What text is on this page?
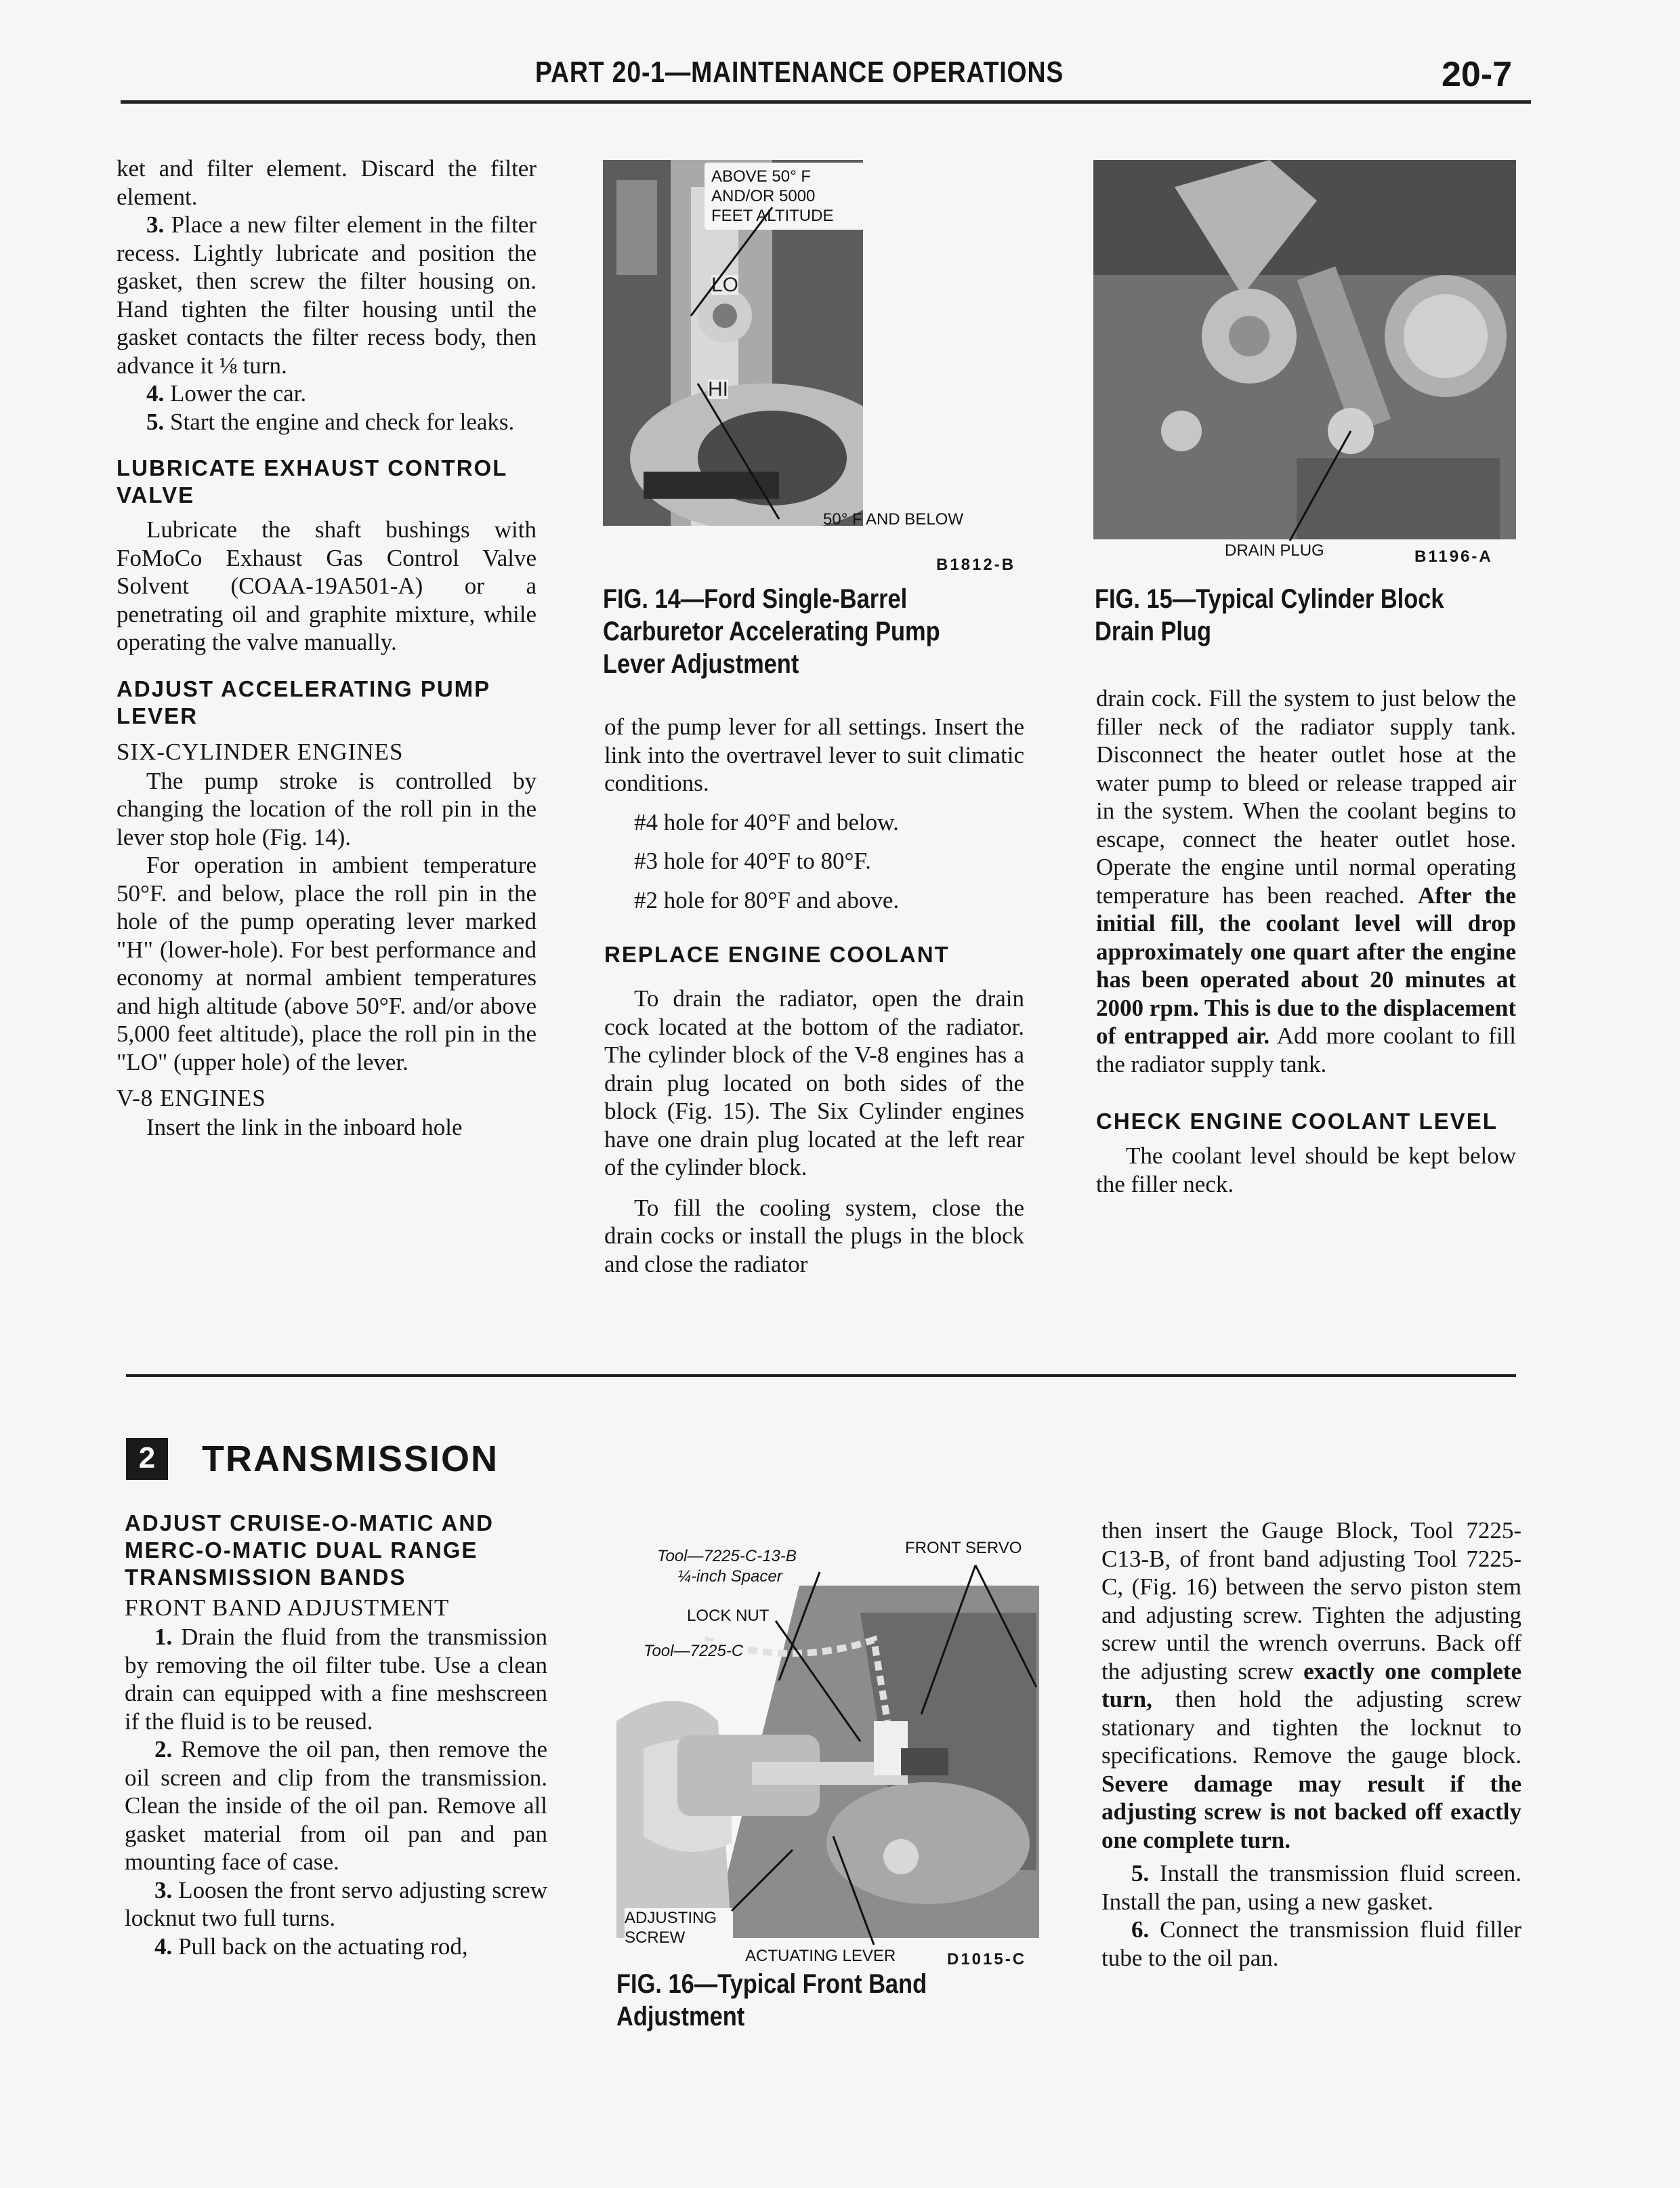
PART 20-1—MAINTENANCE OPERATIONS	20-7

ket and filter element. Discard the filter element.

3. Place a new filter element in the filter recess. Lightly lubricate and position the gasket, then screw the filter housing on. Hand tighten the filter housing until the gasket contacts the filter recess body, then advance it ⅛ turn.

4. Lower the car.

5. Start the engine and check for leaks.

LUBRICATE EXHAUST CONTROL VALVE

Lubricate the shaft bushings with FoMoCo Exhaust Gas Control Valve Solvent (COAA-19A501-A) or a penetrating oil and graphite mixture, while operating the valve manually.

ADJUST ACCELERATING PUMP LEVER

SIX-CYLINDER ENGINES

The pump stroke is controlled by changing the location of the roll pin in the lever stop hole (Fig. 14).

For operation in ambient temperature 50°F. and below, place the roll pin in the hole of the pump operating lever marked "H" (lower-hole). For best performance and economy at normal ambient temperatures and high altitude (above 50°F. and/or above 5,000 feet altitude), place the roll pin in the "LO" (upper hole) of the lever.

V-8 ENGINES

Insert the link in the inboard hole

ABOVE 50° F AND/OR 5000 FEET ALTITUDE
LO
HI
50° F AND BELOW
B1812-B
FIG. 14—Ford Single-Barrel Carburetor Accelerating Pump Lever Adjustment

of the pump lever for all settings. Insert the link into the overtravel lever to suit climatic conditions.

#4 hole for 40°F and below.

#3 hole for 40°F to 80°F.

#2 hole for 80°F and above.

REPLACE ENGINE COOLANT

To drain the radiator, open the drain cock located at the bottom of the radiator. The cylinder block of the V-8 engines has a drain plug located on both sides of the block (Fig. 15). The Six Cylinder engines have one drain plug located at the left rear of the cylinder block.

To fill the cooling system, close the drain cocks or install the plugs in the block and close the radiator

DRAIN PLUG	B1196-A
FIG. 15—Typical Cylinder Block Drain Plug

drain cock. Fill the system to just below the filler neck of the radiator supply tank. Disconnect the heater outlet hose at the water pump to bleed or release trapped air in the system. When the coolant begins to escape, connect the heater outlet hose. Operate the engine until normal operating temperature has been reached. After the initial fill, the coolant level will drop approximately one quart after the engine has been operated about 20 minutes at 2000 rpm. This is due to the displacement of entrapped air. Add more coolant to fill the radiator supply tank.

CHECK ENGINE COOLANT LEVEL

The coolant level should be kept below the filler neck.

2	TRANSMISSION

ADJUST CRUISE-O-MATIC AND MERC-O-MATIC DUAL RANGE TRANSMISSION BANDS

FRONT BAND ADJUSTMENT

1. Drain the fluid from the transmission by removing the oil filter tube. Use a clean drain can equipped with a fine meshscreen if the fluid is to be reused.

2. Remove the oil pan, then remove the oil screen and clip from the transmission. Clean the inside of the oil pan. Remove all gasket material from oil pan and pan mounting face of case.

3. Loosen the front servo adjusting screw locknut two full turns.

4. Pull back on the actuating rod,

Tool—7225-C-13-B
¼-inch Spacer
FRONT SERVO
LOCK NUT
Tool—7225-C
ADJUSTING SCREW
ACTUATING LEVER	D1015-C
FIG. 16—Typical Front Band Adjustment

then insert the Gauge Block, Tool 7225-C13-B, of front band adjusting Tool 7225-C, (Fig. 16) between the servo piston stem and adjusting screw. Tighten the adjusting screw until the wrench overruns. Back off the adjusting screw exactly one complete turn, then hold the adjusting screw stationary and tighten the locknut to specifications. Remove the gauge block. Severe damage may result if the adjusting screw is not backed off exactly one complete turn.

5. Install the transmission fluid screen. Install the pan, using a new gasket.

6. Connect the transmission fluid filler tube to the oil pan.
